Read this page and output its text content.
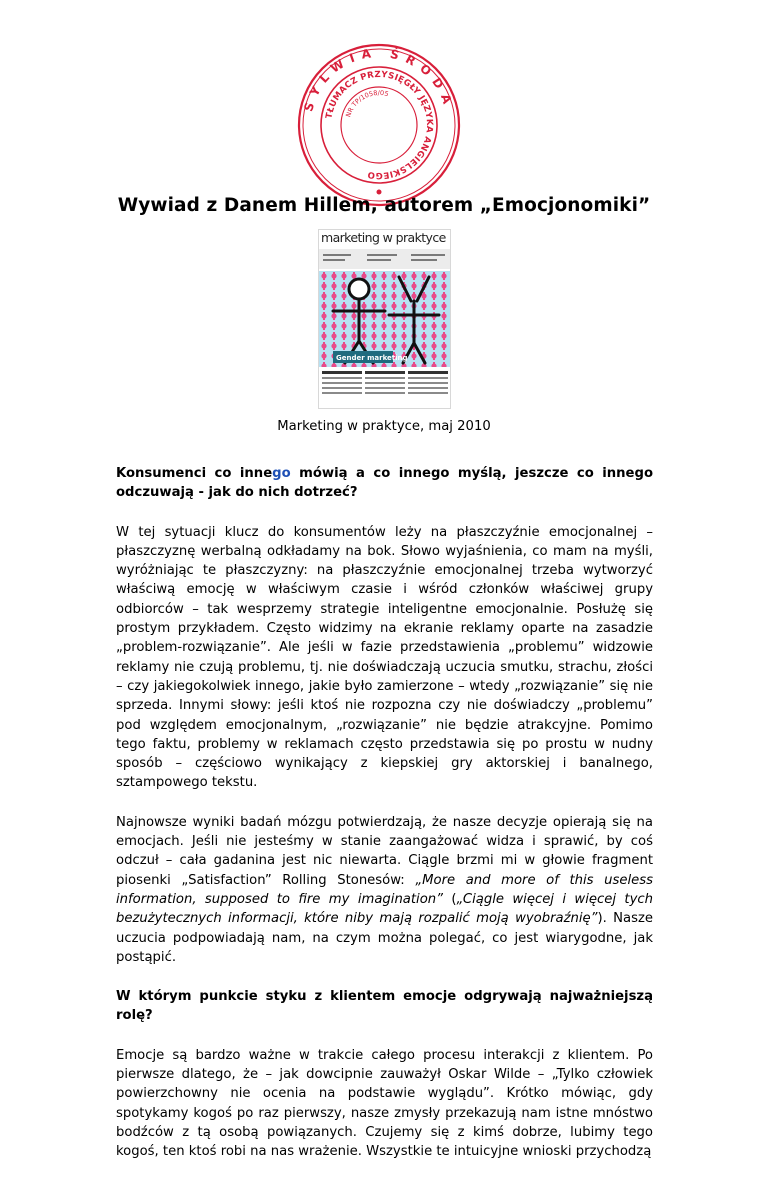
SYLWIA ŚRODA
TŁUMACZ PRZYSIĘGŁY JĘZYKA ANGIELSKIEGO
NR TP/1058/05
Wywiad z Danem Hillem, autorem „Emocjonomiki”
marketing w praktyce
Gender marketing
Marketing w praktyce, maj 2010

Konsumenci co innego mówią a co innego myślą, jeszcze co innego odczuwają - jak do nich dotrzeć?

W tej sytuacji klucz do konsumentów leży na płaszczyźnie emocjonalnej – płaszczyznę werbalną odkładamy na bok. Słowo wyjaśnienia, co mam na myśli, wyróżniając te płaszczyzny: na płaszczyźnie emocjonalnej trzeba wytworzyć właściwą emocję w właściwym czasie i wśród członków właściwej grupy odbiorców – tak wesprzemy strategie inteligentne emocjonalnie. Posłużę się prostym przykładem. Często widzimy na ekranie reklamy oparte na zasadzie „problem-rozwiązanie”. Ale jeśli w fazie przedstawienia „problemu” widzowie reklamy nie czują problemu, tj. nie doświadczają uczucia smutku, strachu, złości – czy jakiegokolwiek innego, jakie było zamierzone – wtedy „rozwiązanie” się nie sprzeda. Innymi słowy: jeśli ktoś nie rozpozna czy nie doświadczy „problemu” pod względem emocjonalnym, „rozwiązanie” nie będzie atrakcyjne. Pomimo tego faktu, problemy w reklamach często przedstawia się po prostu w nudny sposób – częściowo wynikający z kiepskiej gry aktorskiej i banalnego, sztampowego tekstu.

Najnowsze wyniki badań mózgu potwierdzają, że nasze decyzje opierają się na emocjach. Jeśli nie jesteśmy w stanie zaangażować widza i sprawić, by coś odczuł – cała gadanina jest nic niewarta. Ciągle brzmi mi w głowie fragment piosenki „Satisfaction” Rolling Stonesów: „More and more of this useless information, supposed to fire my imagination” („Ciągle więcej i więcej tych bezużytecznych informacji, które niby mają rozpalić moją wyobraźnię”). Nasze uczucia podpowiadają nam, na czym można polegać, co jest wiarygodne, jak postąpić.

W którym punkcie styku z klientem emocje odgrywają najważniejszą rolę?

Emocje są bardzo ważne w trakcie całego procesu interakcji z klientem. Po pierwsze dlatego, że – jak dowcipnie zauważył Oskar Wilde – „Tylko człowiek powierzchowny nie ocenia na podstawie wyglądu”. Krótko mówiąc, gdy spotykamy kogoś po raz pierwszy, nasze zmysły przekazują nam istne mnóstwo bodźców z tą osobą powiązanych. Czujemy się z kimś dobrze, lubimy tego kogoś, ten ktoś robi na nas wrażenie. Wszystkie te intuicyjne wnioski przychodzą
